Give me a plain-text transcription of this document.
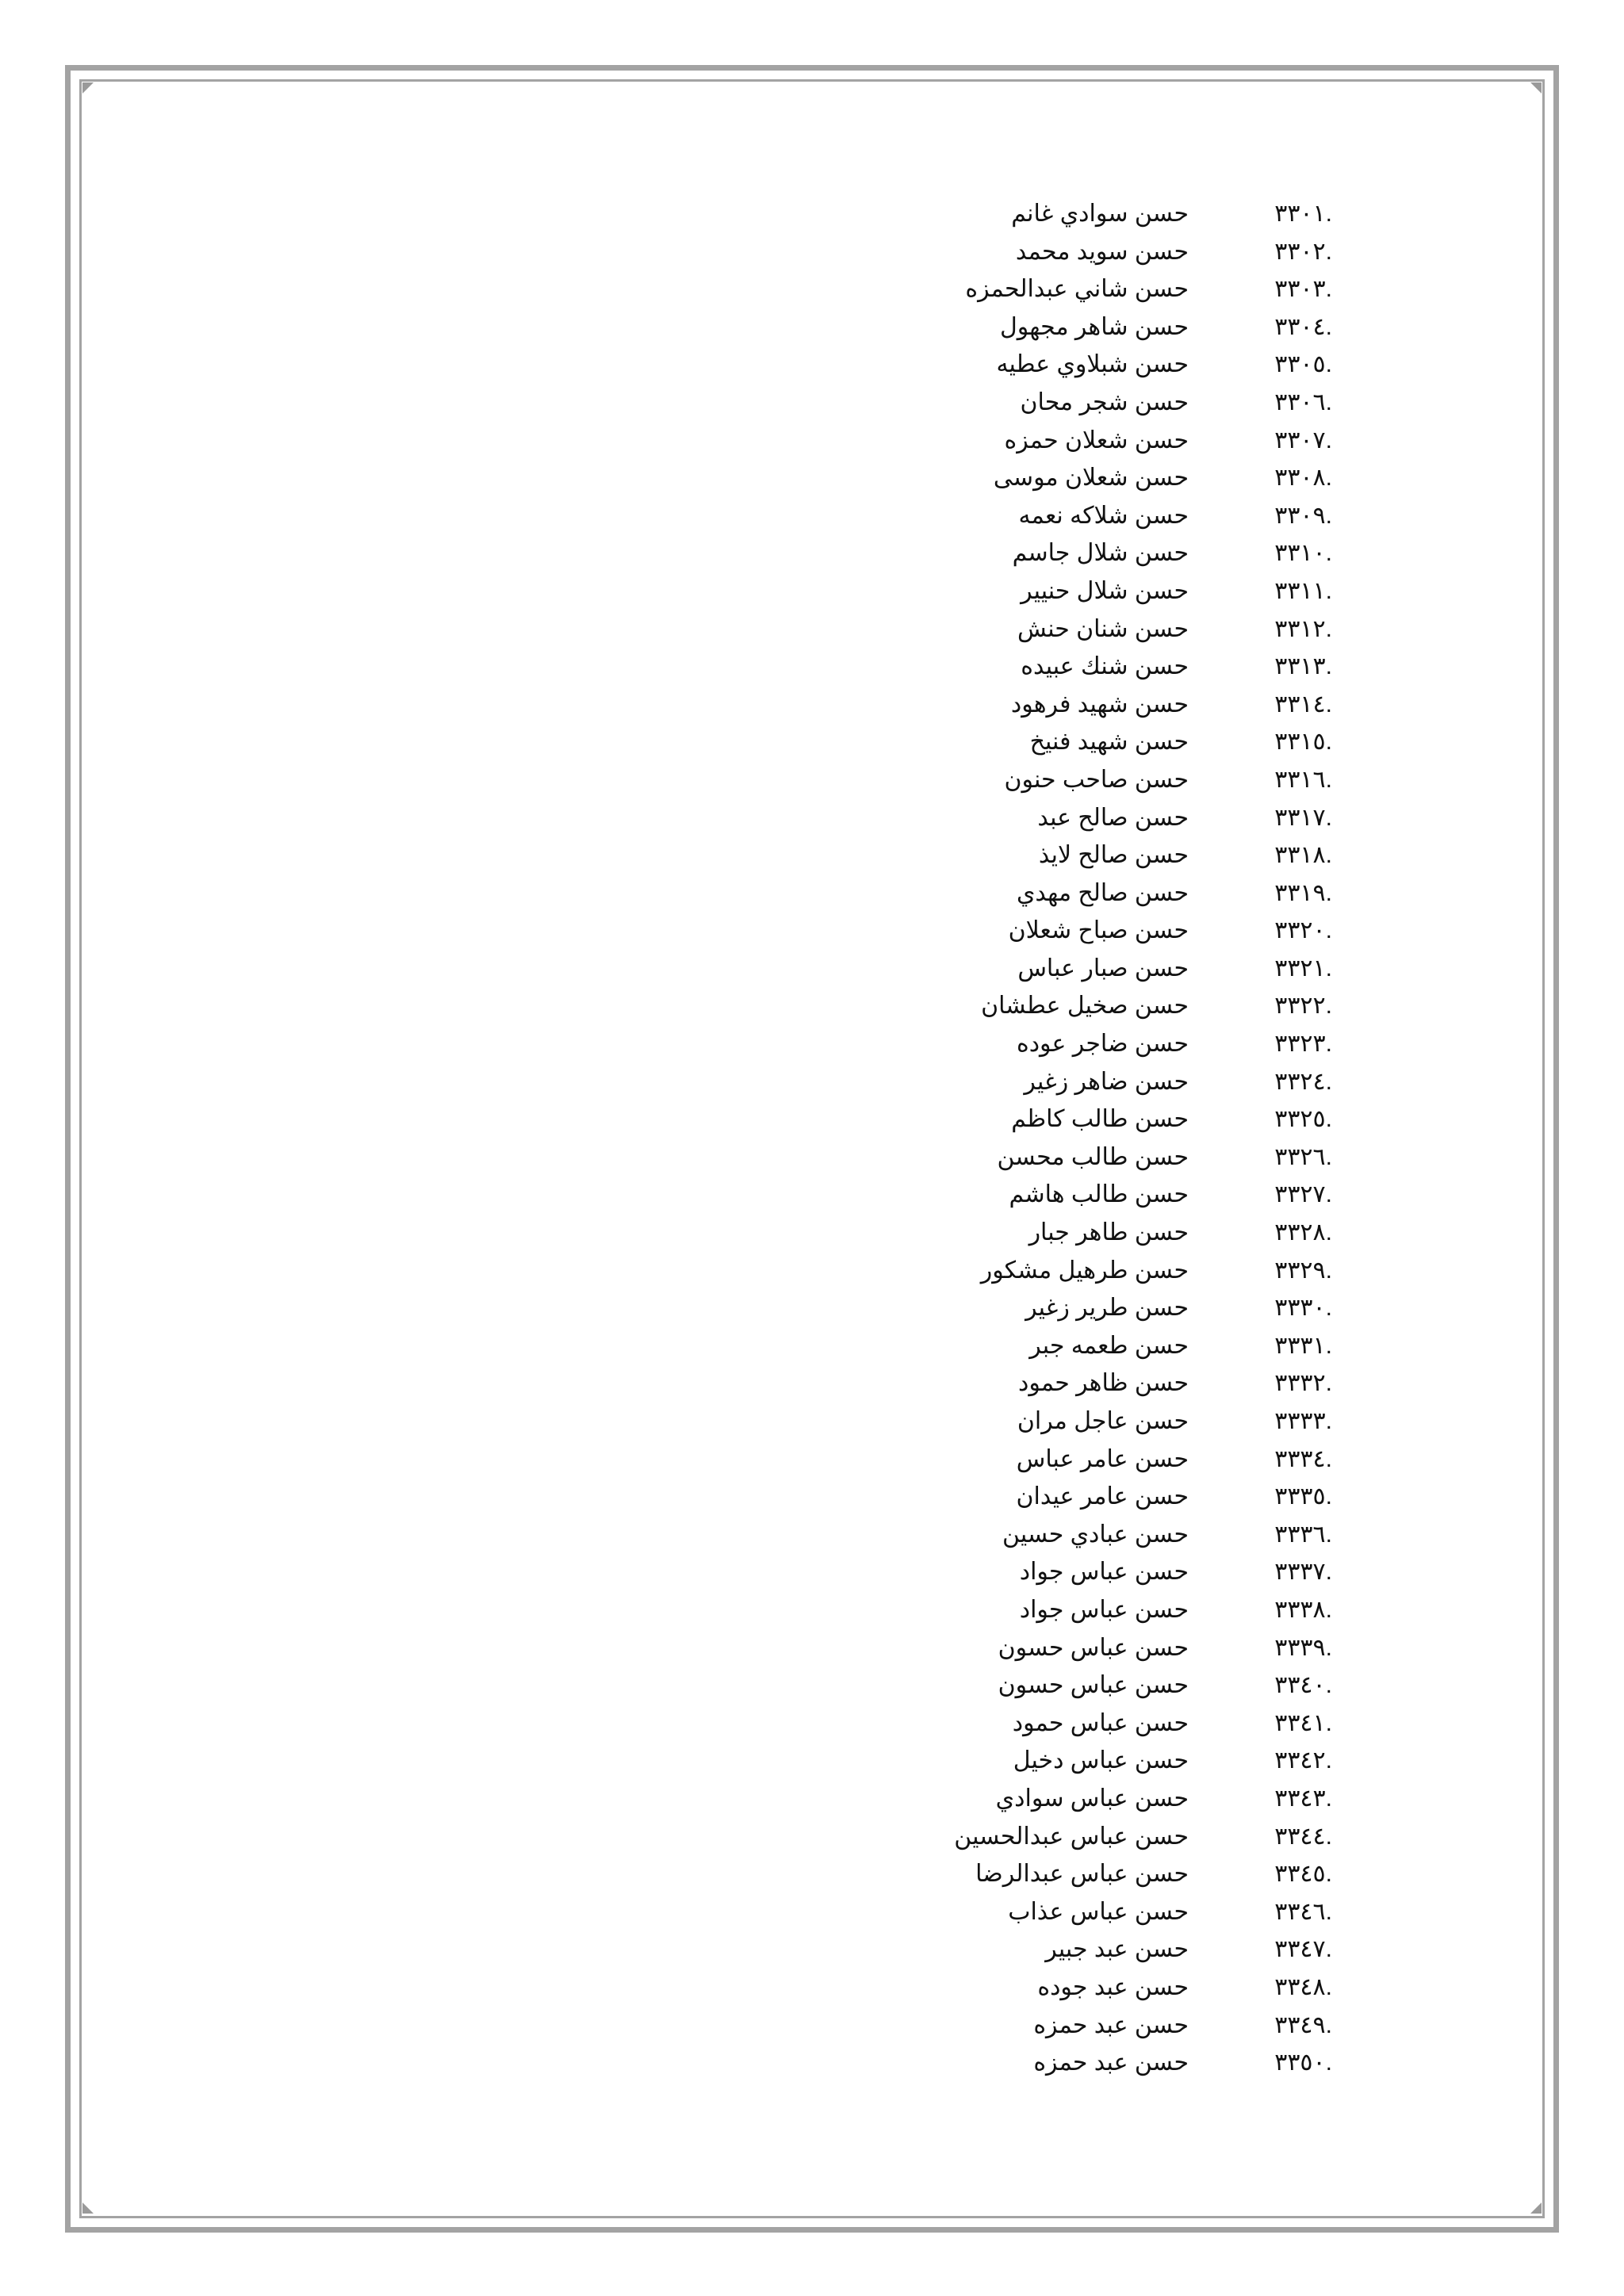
.٣٣٠١
حسن سوادي غانم
.٣٣٠٢
حسن سويد محمد
.٣٣٠٣
حسن شاني عبدالحمزه
.٣٣٠٤
حسن شاهر مجهول
.٣٣٠٥
حسن شبلاوي عطيه
.٣٣٠٦
حسن شجر محان
.٣٣٠٧
حسن شعلان حمزه
.٣٣٠٨
حسن شعلان موسى
.٣٣٠٩
حسن شلاكه نعمه
.٣٣١٠
حسن شلال جاسم
.٣٣١١
حسن شلال حنيير
.٣٣١٢
حسن شنان حنش
.٣٣١٣
حسن شنك عبيده
.٣٣١٤
حسن شهيد فرهود
.٣٣١٥
حسن شهيد فنيخ
.٣٣١٦
حسن صاحب حنون
.٣٣١٧
حسن صالح عبد
.٣٣١٨
حسن صالح لايذ
.٣٣١٩
حسن صالح مهدي
.٣٣٢٠
حسن صباح شعلان
.٣٣٢١
حسن صبار عباس
.٣٣٢٢
حسن صخيل عطشان
.٣٣٢٣
حسن ضاجر عوده
.٣٣٢٤
حسن ضاهر زغير
.٣٣٢٥
حسن طالب كاظم
.٣٣٢٦
حسن طالب محسن
.٣٣٢٧
حسن طالب هاشم
.٣٣٢٨
حسن طاهر جبار
.٣٣٢٩
حسن طرهيل مشكور
.٣٣٣٠
حسن طرير زغير
.٣٣٣١
حسن طعمه جبر
.٣٣٣٢
حسن ظاهر حمود
.٣٣٣٣
حسن عاجل مران
.٣٣٣٤
حسن عامر عباس
.٣٣٣٥
حسن عامر عيدان
.٣٣٣٦
حسن عبادي حسين
.٣٣٣٧
حسن عباس جواد
.٣٣٣٨
حسن عباس جواد
.٣٣٣٩
حسن عباس حسون
.٣٣٤٠
حسن عباس حسون
.٣٣٤١
حسن عباس حمود
.٣٣٤٢
حسن عباس دخيل
.٣٣٤٣
حسن عباس سوادي
.٣٣٤٤
حسن عباس عبدالحسين
.٣٣٤٥
حسن عباس عبدالرضا
.٣٣٤٦
حسن عباس عذاب
.٣٣٤٧
حسن عبد جبير
.٣٣٤٨
حسن عبد جوده
.٣٣٤٩
حسن عبد حمزه
.٣٣٥٠
حسن عبد حمزه
